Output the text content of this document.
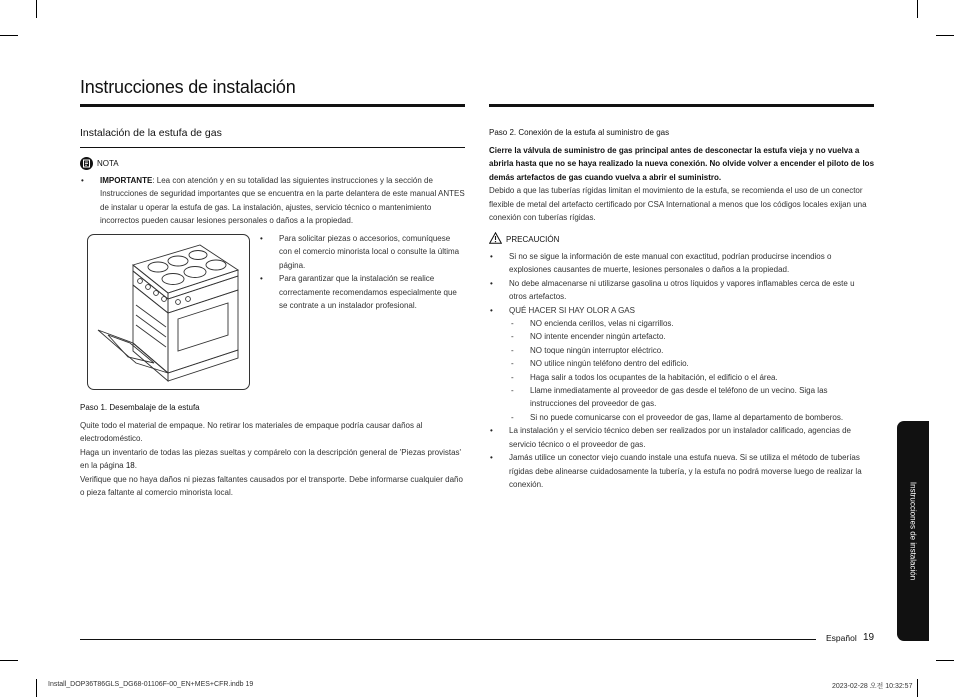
Instrucciones de instalación
Instalación de la estufa de gas
NOTA
• IMPORTANTE: Lea con atención y en su totalidad las siguientes instrucciones y la sección de Instrucciones de seguridad importantes que se encuentra en la parte delantera de este manual ANTES de instalar u operar la estufa de gas. La instalación, ajustes, servicio técnico o mantenimiento incorrectos pueden causar lesiones personales o daños a la propiedad.
• Para solicitar piezas o accesorios, comuníquese con el comercio minorista local o consulte la última página.
• Para garantizar que la instalación se realice correctamente recomendamos especialmente que se contrate a un instalador profesional.
Paso 1. Desembalaje de la estufa

Quite todo el material de empaque. No retirar los materiales de empaque podría causar daños al electrodoméstico.

Haga un inventario de todas las piezas sueltas y compárelo con la descripción general de 'Piezas provistas' en la página 18.

Verifique que no haya daños ni piezas faltantes causados por el transporte. Debe informarse cualquier daño o pieza faltante al comercio minorista local.

Paso 2. Conexión de la estufa al suministro de gas

Cierre la válvula de suministro de gas principal antes de desconectar la estufa vieja y no vuelva a abrirla hasta que no se haya realizado la nueva conexión. No olvide volver a encender el piloto de los demás artefactos de gas cuando vuelva a abrir el suministro.

Debido a que las tuberías rígidas limitan el movimiento de la estufa, se recomienda el uso de un conector flexible de metal del artefacto certificado por CSA International a menos que los códigos locales exijan una conexión con tuberías rígidas.

PRECAUCIÓN
• Si no se sigue la información de este manual con exactitud, podrían producirse incendios o explosiones causantes de muerte, lesiones personales o daños a la propiedad.
• No debe almacenarse ni utilizarse gasolina u otros líquidos y vapores inflamables cerca de este u otros artefactos.
• QUÉ HACER SI HAY OLOR A GAS
- NO encienda cerillos, velas ni cigarrillos.
- NO intente encender ningún artefacto.
- NO toque ningún interruptor eléctrico.
- NO utilice ningún teléfono dentro del edificio.
- Haga salir a todos los ocupantes de la habitación, el edificio o el área.
- Llame inmediatamente al proveedor de gas desde el teléfono de un vecino. Siga las instrucciones del proveedor de gas.
- Si no puede comunicarse con el proveedor de gas, llame al departamento de bomberos.
• La instalación y el servicio técnico deben ser realizados por un instalador calificado, agencias de servicio técnico o el proveedor de gas.
• Jamás utilice un conector viejo cuando instale una estufa nueva. Si se utiliza el método de tuberías rígidas debe alinearse cuidadosamente la tubería, y la estufa no podrá moverse luego de realizar la conexión.	Instrucciones de instalación
Español 19
Install_DOP36T86GLS_DG68-01106F-00_EN+MES+CFR.indb 19	2023-02-28 오전 10:32:57
